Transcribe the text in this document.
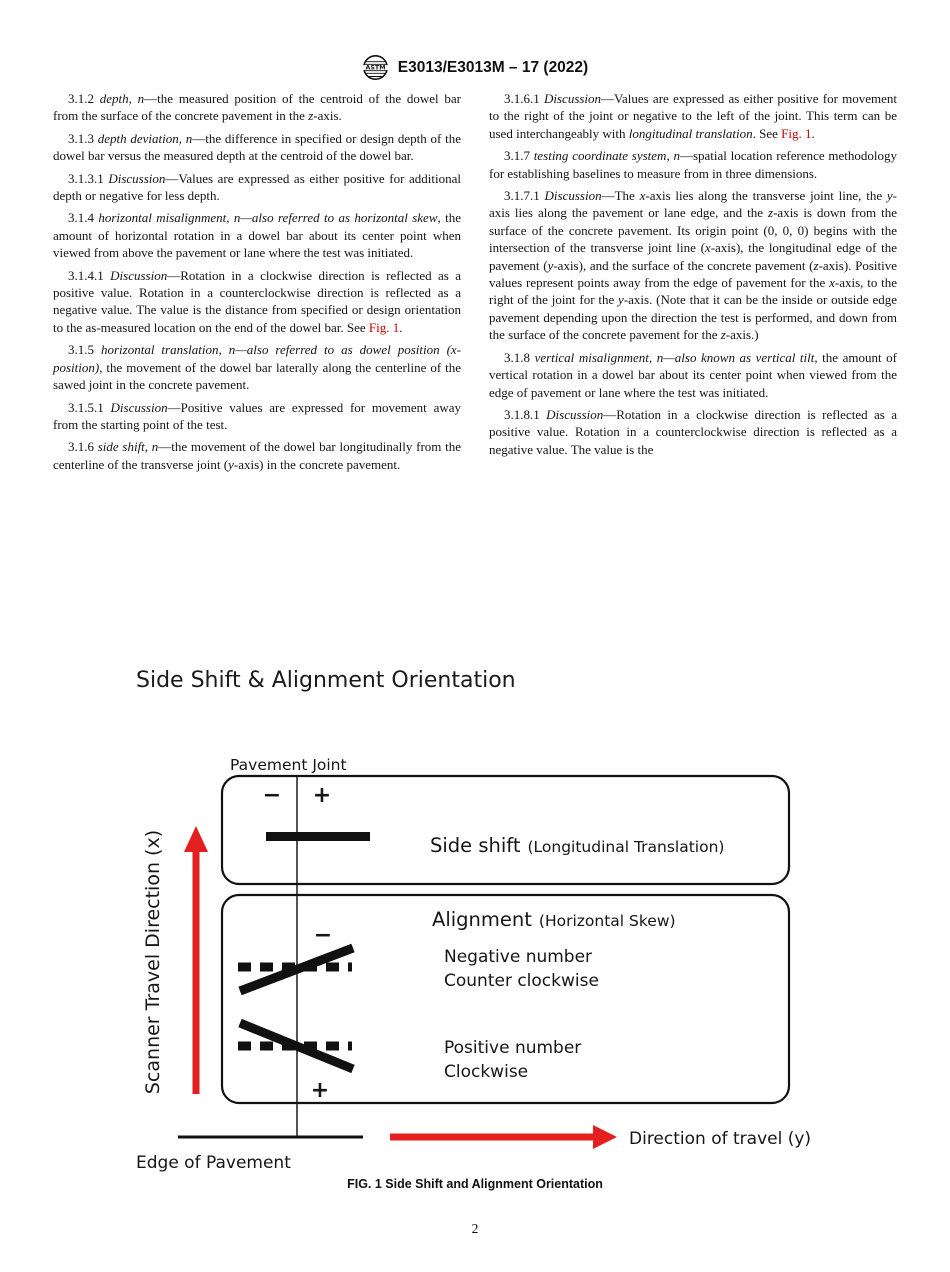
ASTM E3013/E3013M – 17 (2022)

3.1.2 depth, n—the measured position of the centroid of the dowel bar from the surface of the concrete pavement in the z-axis.

3.1.3 depth deviation, n—the difference in specified or design depth of the dowel bar versus the measured depth at the centroid of the dowel bar.

3.1.3.1 Discussion—Values are expressed as either positive for additional depth or negative for less depth.

3.1.4 horizontal misalignment, n—also referred to as horizontal skew, the amount of horizontal rotation in a dowel bar about its center point when viewed from above the pavement or lane where the test was initiated.

3.1.4.1 Discussion—Rotation in a clockwise direction is reflected as a positive value. Rotation in a counterclockwise direction is reflected as a negative value. The value is the distance from specified or design orientation to the as-measured location on the end of the dowel bar. See Fig. 1.

3.1.5 horizontal translation, n—also referred to as dowel position (x-position), the movement of the dowel bar laterally along the centerline of the sawed joint in the concrete pavement.

3.1.5.1 Discussion—Positive values are expressed for movement away from the starting point of the test.

3.1.6 side shift, n—the movement of the dowel bar longitudinally from the centerline of the transverse joint (y-axis) in the concrete pavement.

3.1.6.1 Discussion—Values are expressed as either positive for movement to the right of the joint or negative to the left of the joint. This term can be used interchangeably with longitudinal translation. See Fig. 1.

3.1.7 testing coordinate system, n—spatial location reference methodology for establishing baselines to measure from in three dimensions.

3.1.7.1 Discussion—The x-axis lies along the transverse joint line, the y-axis lies along the pavement or lane edge, and the z-axis is down from the surface of the concrete pavement. Its origin point (0, 0, 0) begins with the intersection of the transverse joint line (x-axis), the longitudinal edge of the pavement (y-axis), and the surface of the concrete pavement (z-axis). Positive values represent points away from the edge of pavement for the x-axis, to the right of the joint for the y-axis. (Note that it can be the inside or outside edge pavement depending upon the direction the test is performed, and down from the surface of the concrete pavement for the z-axis.)

3.1.8 vertical misalignment, n—also known as vertical tilt, the amount of vertical rotation in a dowel bar about its center point when viewed from the edge of pavement or lane where the test was initiated.

3.1.8.1 Discussion—Rotation in a clockwise direction is reflected as a positive value. Rotation in a counterclockwise direction is reflected as a negative value. The value is the

Side Shift & Alignment Orientation
Pavement Joint
− +
Side shift (Longitudinal Translation)
Alignment (Horizontal Skew)
−
Negative number
Counter clockwise
Positive number
Clockwise
+
Scanner Travel Direction (x)
Edge of Pavement
Direction of travel (y)
FIG. 1 Side Shift and Alignment Orientation
2
